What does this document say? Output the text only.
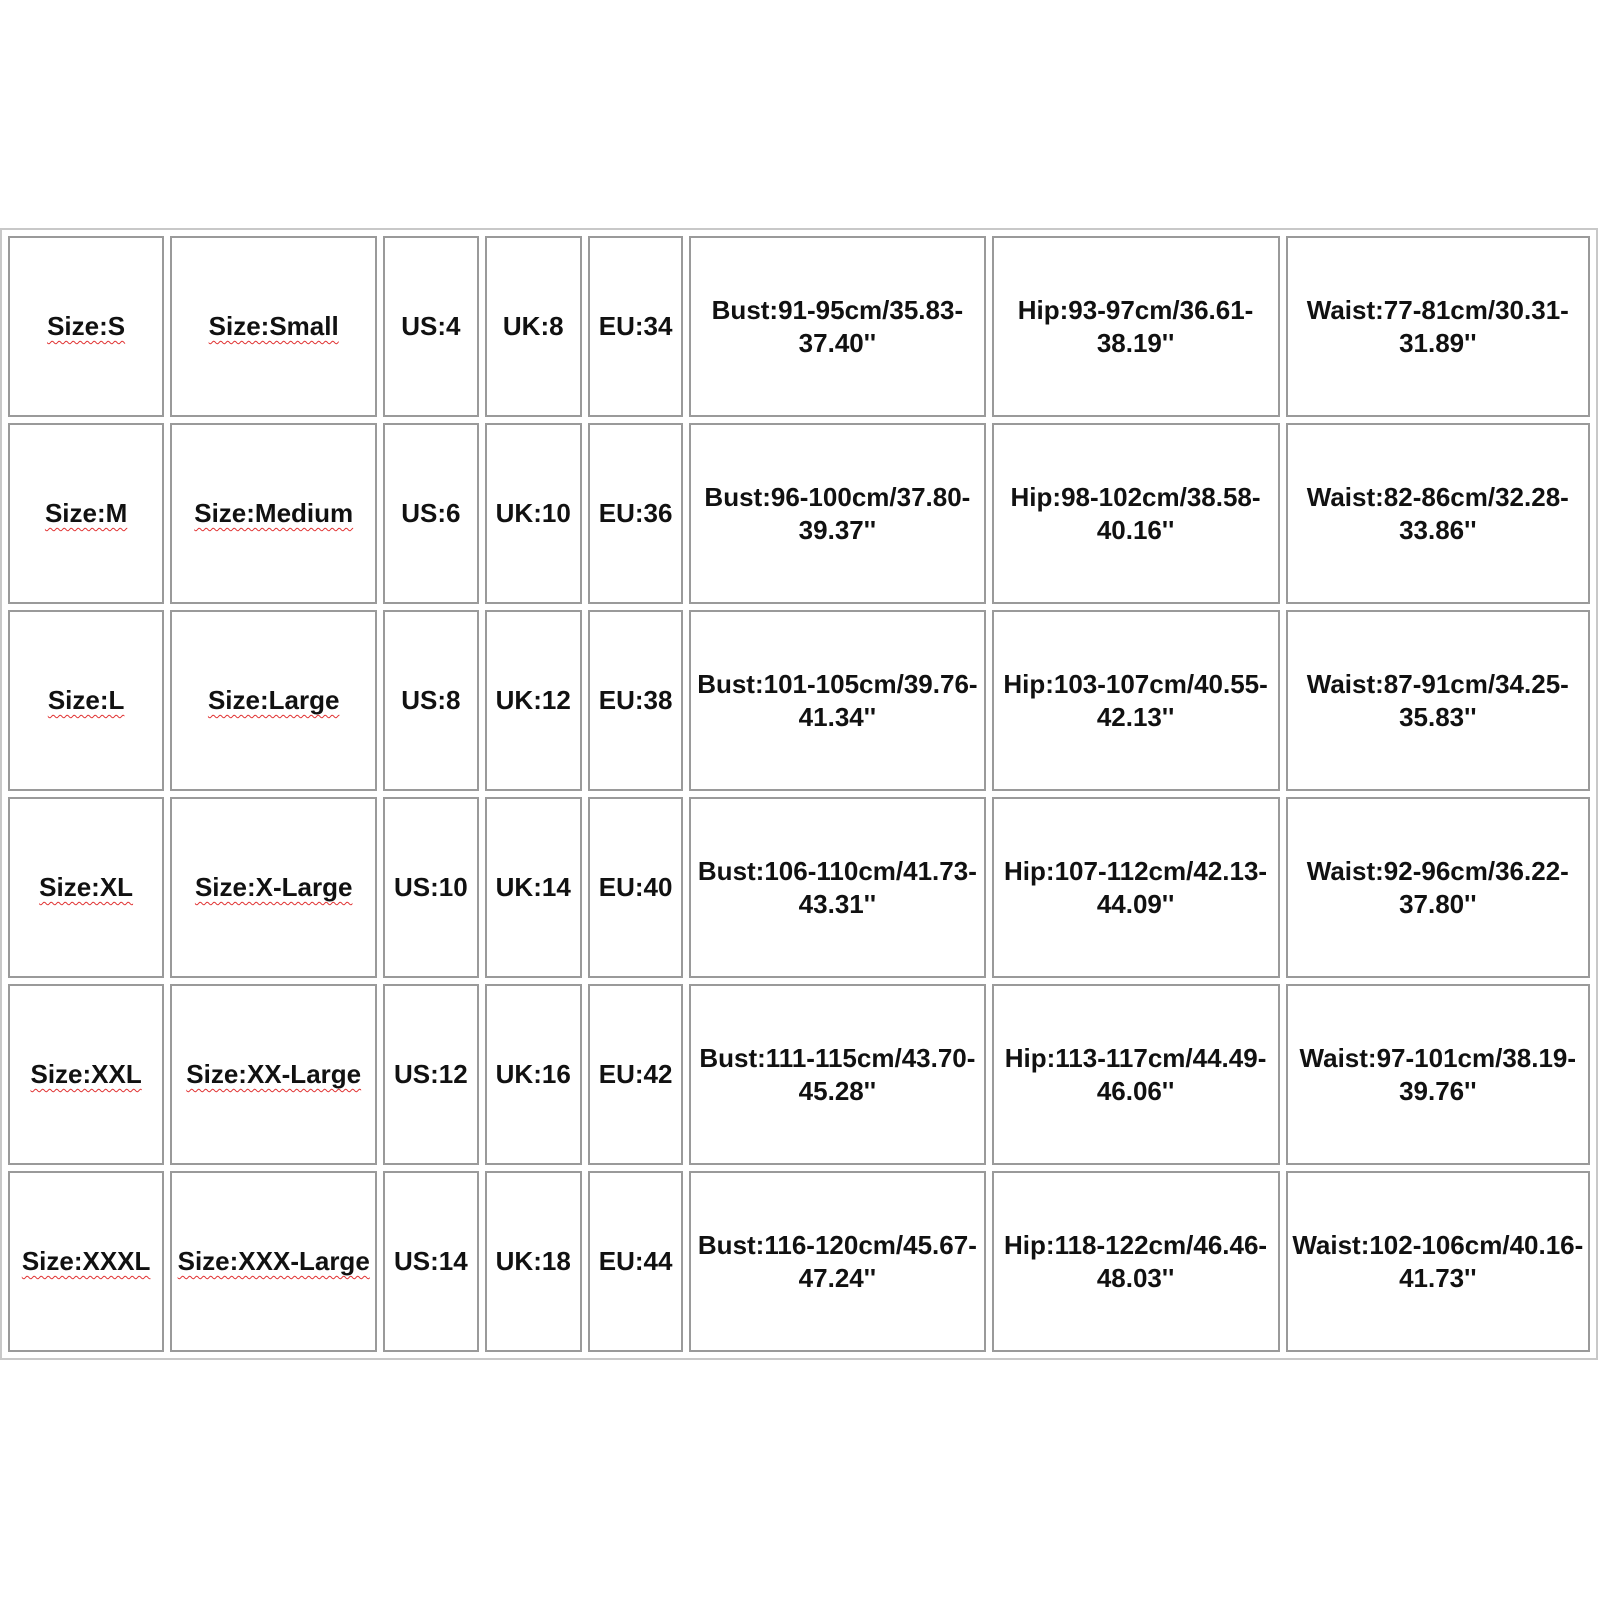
Size:S	Size:Small	US:4	UK:8	EU:34	Bust:91-95cm/35.83-37.40''	Hip:93-97cm/36.61-38.19''	Waist:77-81cm/30.31-31.89''
Size:M	Size:Medium	US:6	UK:10	EU:36	Bust:96-100cm/37.80-39.37''	Hip:98-102cm/38.58-40.16''	Waist:82-86cm/32.28-33.86''
Size:L	Size:Large	US:8	UK:12	EU:38	Bust:101-105cm/39.76-41.34''	Hip:103-107cm/40.55-42.13''	Waist:87-91cm/34.25-35.83''
Size:XL	Size:X-Large	US:10	UK:14	EU:40	Bust:106-110cm/41.73-43.31''	Hip:107-112cm/42.13-44.09''	Waist:92-96cm/36.22-37.80''
Size:XXL	Size:XX-Large	US:12	UK:16	EU:42	Bust:111-115cm/43.70-45.28''	Hip:113-117cm/44.49-46.06''	Waist:97-101cm/38.19-39.76''
Size:XXXL	Size:XXX-Large	US:14	UK:18	EU:44	Bust:116-120cm/45.67-47.24''	Hip:118-122cm/46.46-48.03''	Waist:102-106cm/40.16-41.73''
